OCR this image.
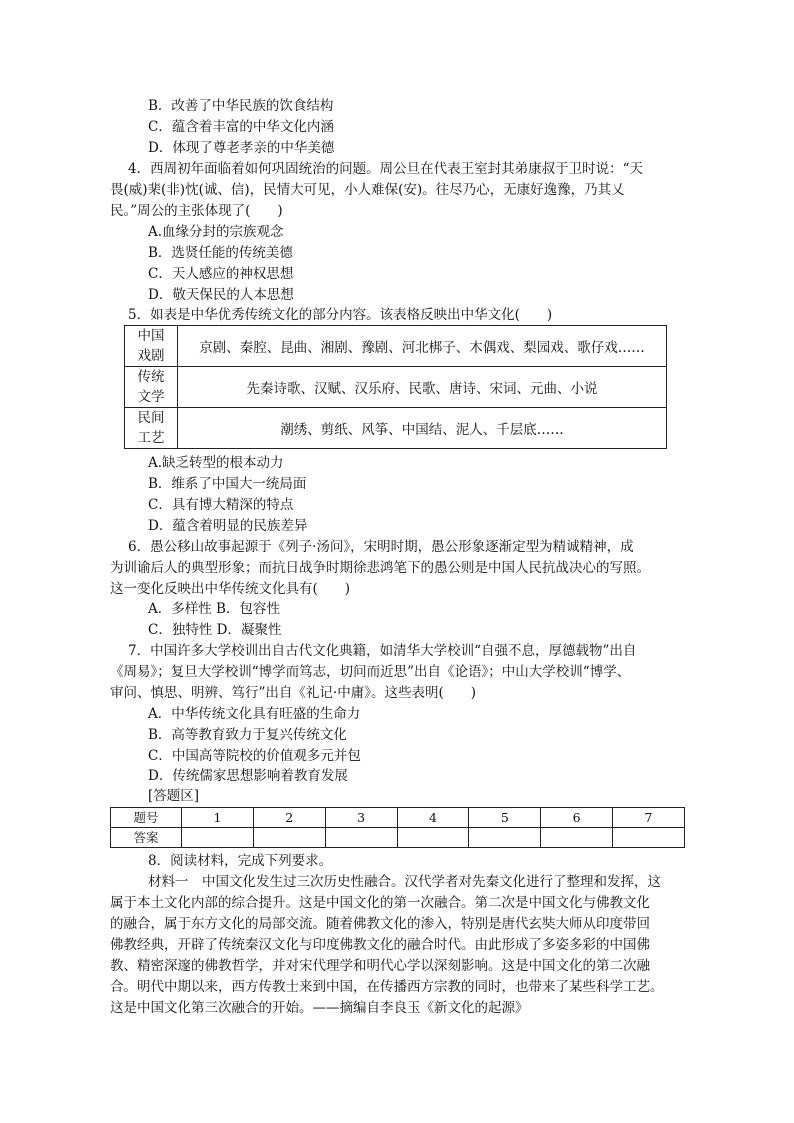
B．改善了中华民族的饮食结构
C．蕴含着丰富的中华文化内涵
D．体现了尊老孝亲的中华美德
4．西周初年面临着如何巩固统治的问题。周公旦在代表王室封其弟康叔于卫时说：“天
畏(威)棐(非)忱(诚、信)，民情大可见，小人难保(安)。往尽乃心，无康好逸豫，乃其乂
民。”周公的主张体现了(　　)
A.血缘分封的宗族观念
B．选贤任能的传统美德
C．天人感应的神权思想
D．敬天保民的人本思想
5．如表是中华优秀传统文化的部分内容。该表格反映出中华文化(　　)
中国
戏剧	京剧、秦腔、昆曲、湘剧、豫剧、河北梆子、木偶戏、梨园戏、歌仔戏……
传统
文学	先秦诗歌、汉赋、汉乐府、民歌、唐诗、宋词、元曲、小说
民间
工艺	潮绣、剪纸、风筝、中国结、泥人、千层底……
A.缺乏转型的根本动力
B．维系了中国大一统局面
C．具有博大精深的特点
D．蕴含着明显的民族差异
6．愚公移山故事起源于《列子·汤问》，宋明时期，愚公形象逐渐定型为精诚精神，成
为训谕后人的典型形象；而抗日战争时期徐悲鸿笔下的愚公则是中国人民抗战决心的写照。
这一变化反映出中华传统文化具有(　　)
A．多样性 B．包容性
C．独特性 D．凝聚性
7．中国许多大学校训出自古代文化典籍，如清华大学校训“自强不息，厚德载物”出自
《周易》；复旦大学校训“博学而笃志，切问而近思”出自《论语》；中山大学校训“博学、
审问、慎思、明辨、笃行”出自《礼记·中庸》。这些表明(　　)
A．中华传统文化具有旺盛的生命力
B．高等教育致力于复兴传统文化
C．中国高等院校的价值观多元并包
D．传统儒家思想影响着教育发展
[答题区]
题号	1	2	3	4	5	6	7
答案							
8．阅读材料，完成下列要求。
材料一　中国文化发生过三次历史性融合。汉代学者对先秦文化进行了整理和发挥，这
属于本土文化内部的综合提升。这是中国文化的第一次融合。第二次是中国文化与佛教文化
的融合，属于东方文化的局部交流。随着佛教文化的渗入，特别是唐代玄奘大师从印度带回
佛教经典，开辟了传统秦汉文化与印度佛教文化的融合时代。由此形成了多姿多彩的中国佛
教、精密深邃的佛教哲学，并对宋代理学和明代心学以深刻影响。这是中国文化的第二次融
合。明代中期以来，西方传教士来到中国，在传播西方宗教的同时，也带来了某些科学工艺。
这是中国文化第三次融合的开始。——摘编自李良玉《新文化的起源》
